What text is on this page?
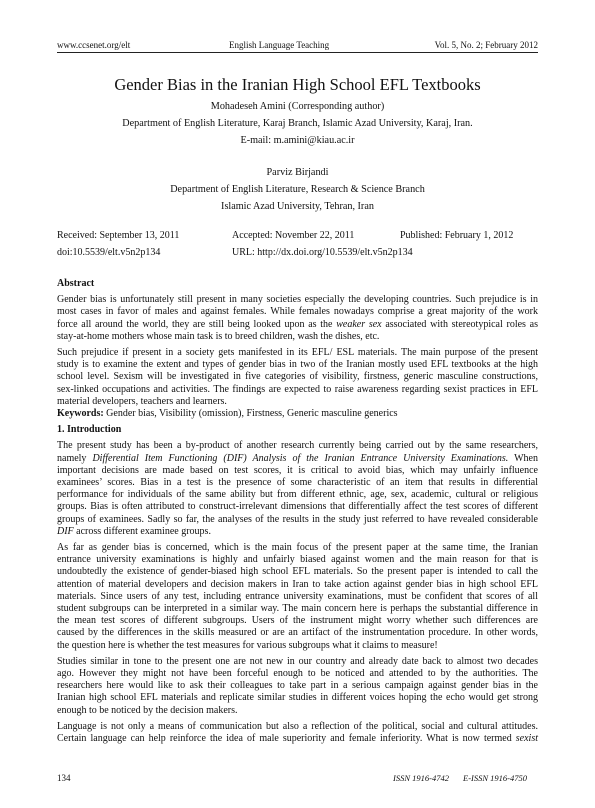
www.ccsenet.org/elt	English Language Teaching	Vol. 5, No. 2; February 2012
Gender Bias in the Iranian High School EFL Textbooks
Mohadeseh Amini (Corresponding author)
Department of English Literature, Karaj Branch, Islamic Azad University, Karaj, Iran.
E-mail: m.amini@kiau.ac.ir
Parviz Birjandi
Department of English Literature, Research & Science Branch
Islamic Azad University, Tehran, Iran
Received: September 13, 2011	Accepted: November 22, 2011	Published: February 1, 2012
doi:10.5539/elt.v5n2p134	URL: http://dx.doi.org/10.5539/elt.v5n2p134
Abstract
Gender bias is unfortunately still present in many societies especially the developing countries. Such prejudice is in
most cases in favor of males and against females. While females nowadays comprise a great majority of the work
force all around the world, they are still being looked upon as the weaker sex associated with stereotypical roles as
stay-at-home mothers whose main task is to breed children, wash the dishes, etc.
Such prejudice if present in a society gets manifested in its EFL/ ESL materials. The main purpose of the present
study is to examine the extent and types of gender bias in two of the Iranian mostly used EFL textbooks at the high
school level. Sexism will be investigated in five categories of visibility, firstness, generic masculine constructions,
sex-linked occupations and activities. The findings are expected to raise awareness regarding sexist practices in EFL
material developers, teachers and learners.
Keywords: Gender bias, Visibility (omission), Firstness, Generic masculine generics
1. Introduction
The present study has been a by-product of another research currently being carried out by the same researchers,
namely Differential Item Functioning (DIF) Analysis of the Iranian Entrance University Examinations. When
important decisions are made based on test scores, it is critical to avoid bias, which may unfairly influence
examinees’ scores. Bias in a test is the presence of some characteristic of an item that results in differential
performance for individuals of the same ability but from different ethnic, age, sex, academic, cultural or religious
groups. Bias is often attributed to construct-irrelevant dimensions that differentially affect the test scores of different
groups of examinees. Sadly so far, the analyses of the results in the study just referred to have revealed considerable
DIF across different examinee groups.
As far as gender bias is concerned, which is the main focus of the present paper at the same time, the Iranian
entrance university examinations is highly and unfairly biased against women and the main reason for that is
undoubtedly the existence of gender-biased high school EFL materials. So the present paper is intended to call the
attention of material developers and decision makers in Iran to take action against gender bias in high school EFL
materials. Since users of any test, including entrance university examinations, must be confident that scores of all
student subgroups can be interpreted in a similar way. The main concern here is perhaps the substantial difference in
the mean test scores of different subgroups. Users of the instrument might worry whether such differences are
caused by the differences in the skills measured or are an artifact of the instrumentation procedure. In other words,
the question here is whether the test measures for various subgroups what it claims to measure!
Studies similar in tone to the present one are not new in our country and already date back to almost two decades
ago. However they might not have been forceful enough to be noticed and attended to by the authorities. The
researchers here would like to ask their colleagues to take part in a serious campaign against gender bias in the
Iranian high school EFL materials and replicate similar studies in different voices hoping the echo would get strong
enough to be noticed by the decision makers.
Language is not only a means of communication but also a reflection of the political, social and cultural attitudes.
Certain language can help reinforce the idea of male superiority and female inferiority. What is now termed sexist
134	ISSN 1916-4742 E-ISSN 1916-4750
